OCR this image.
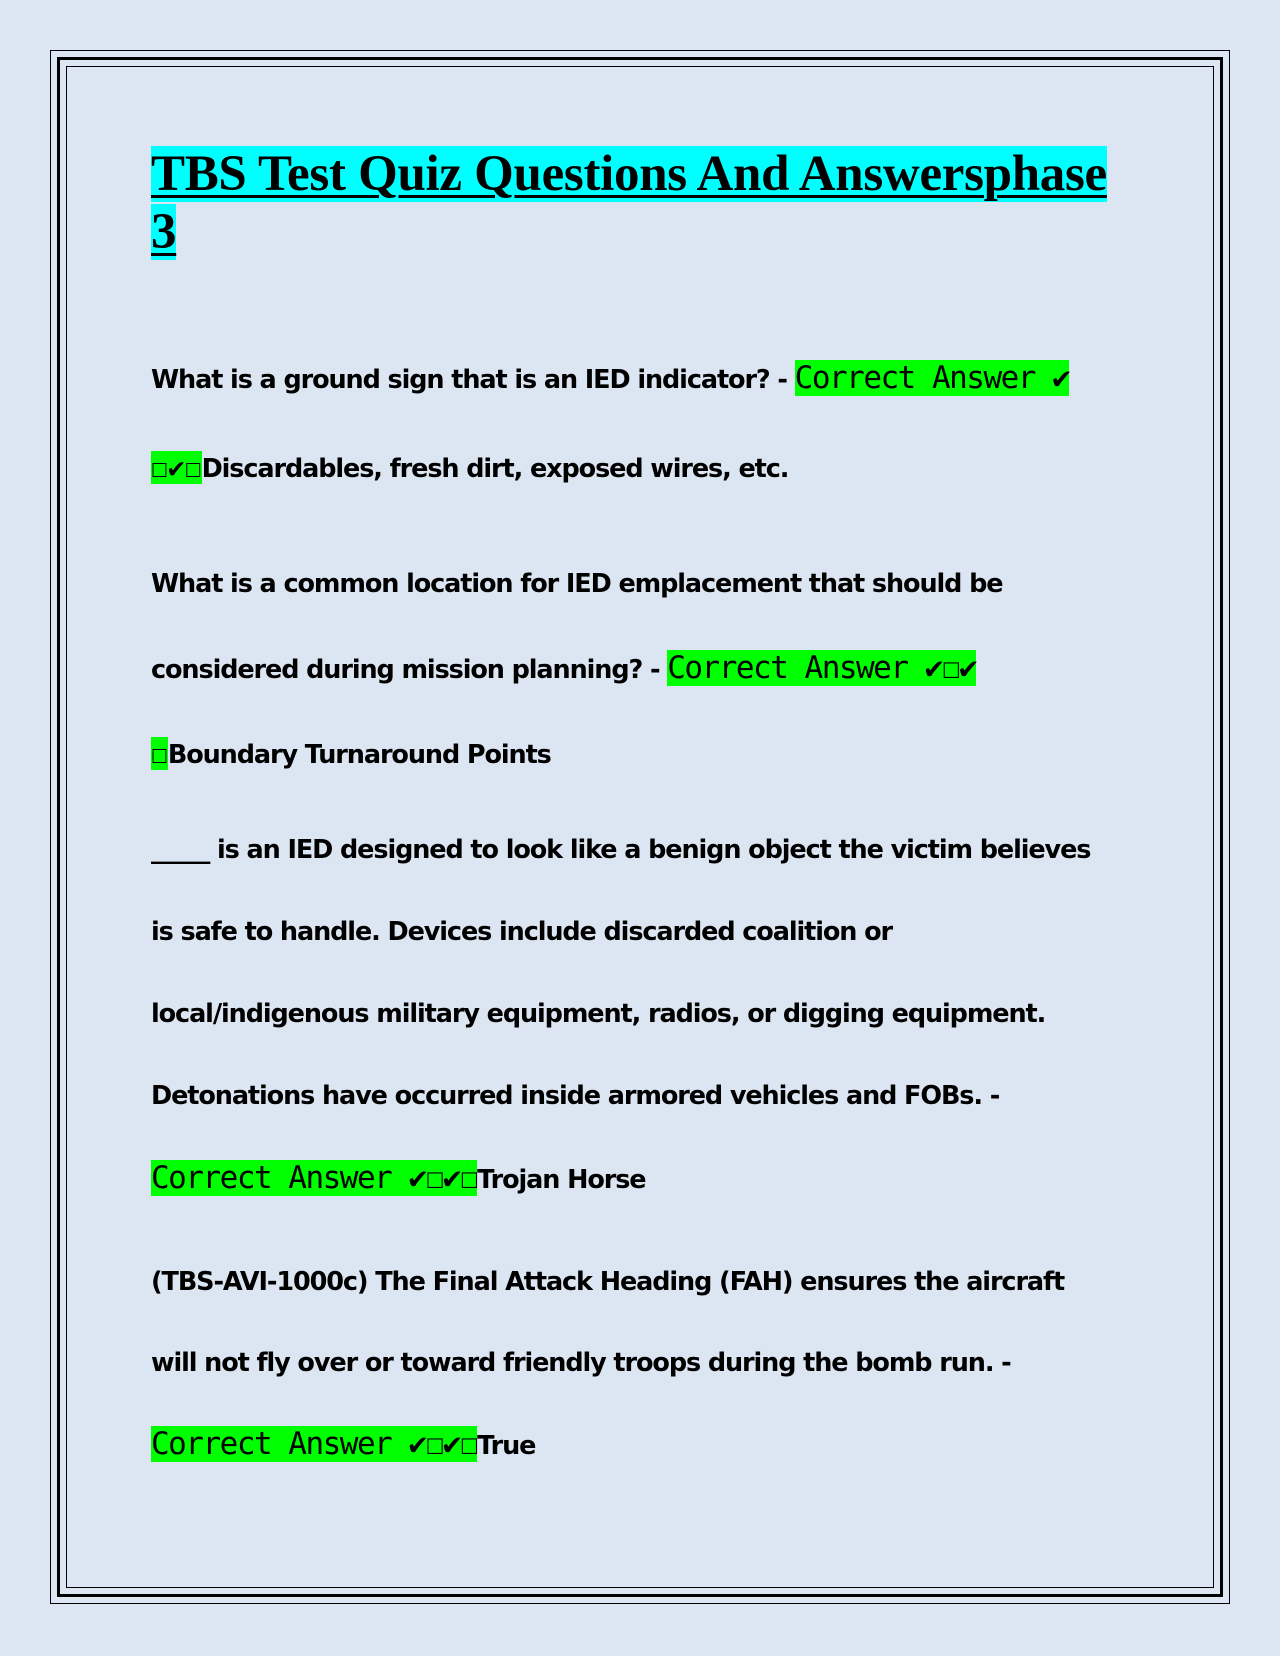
TBS Test Quiz Questions And Answersphase 3

What is a ground sign that is an IED indicator? - Correct Answer ✔ ☐✔☐Discardables, fresh dirt, exposed wires, etc.

What is a common location for IED emplacement that should be considered during mission planning? - Correct Answer ✔☐✔ ☐Boundary Turnaround Points

_____ is an IED designed to look like a benign object the victim believes is safe to handle. Devices include discarded coalition or local/indigenous military equipment, radios, or digging equipment. Detonations have occurred inside armored vehicles and FOBs. - Correct Answer ✔☐✔☐Trojan Horse

(TBS-AVI-1000c) The Final Attack Heading (FAH) ensures the aircraft will not fly over or toward friendly troops during the bomb run. - Correct Answer ✔☐✔☐True
